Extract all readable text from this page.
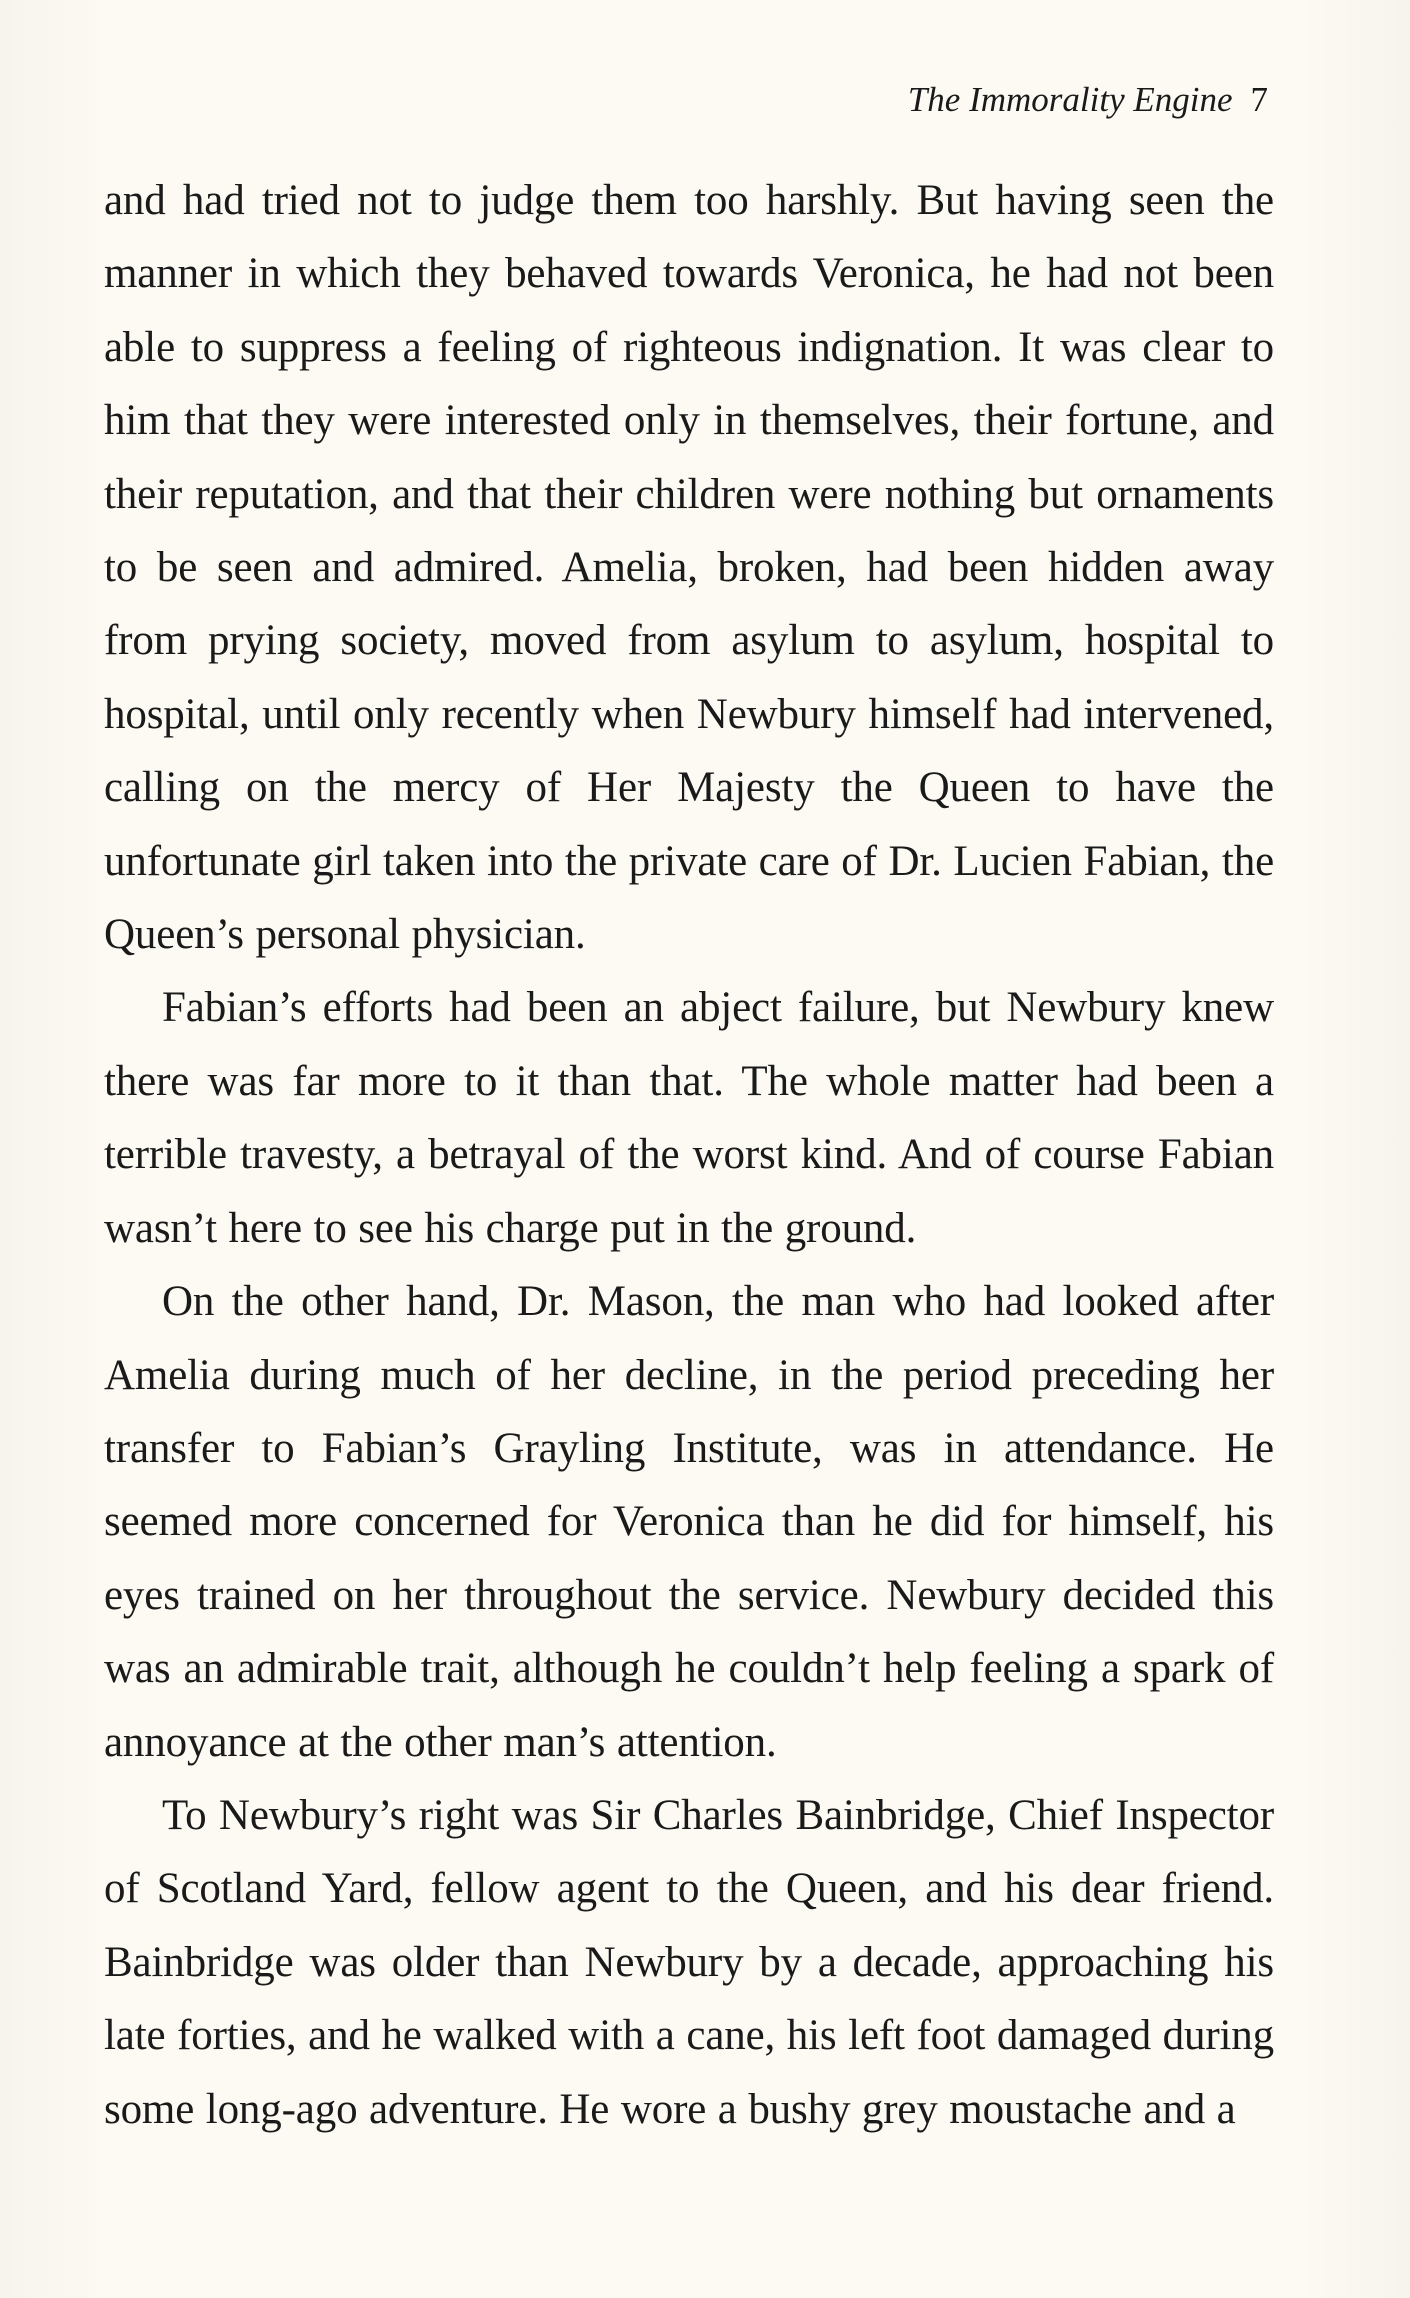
The Immorality Engine 7

and had tried not to judge them too harshly. But having seen the manner in which they behaved towards Veronica, he had not been able to suppress a feeling of righteous indignation. It was clear to him that they were interested only in themselves, their fortune, and their reputation, and that their children were nothing but ornaments to be seen and admired. Amelia, broken, had been hidden away from prying society, moved from asylum to asylum, hospital to hospital, until only recently when Newbury himself had intervened, calling on the mercy of Her Majesty the Queen to have the unfortunate girl taken into the private care of Dr. Lucien Fabian, the Queen’s personal physician.

Fabian’s efforts had been an abject failure, but Newbury knew there was far more to it than that. The whole matter had been a terrible travesty, a betrayal of the worst kind. And of course Fabian wasn’t here to see his charge put in the ground.

On the other hand, Dr. Mason, the man who had looked after Amelia during much of her decline, in the period preceding her transfer to Fabian’s Grayling Institute, was in attendance. He seemed more concerned for Veronica than he did for himself, his eyes trained on her throughout the service. Newbury decided this was an admirable trait, although he couldn’t help feeling a spark of annoyance at the other man’s attention.

To Newbury’s right was Sir Charles Bainbridge, Chief Inspector of Scotland Yard, fellow agent to the Queen, and his dear friend. Bainbridge was older than Newbury by a decade, approaching his late forties, and he walked with a cane, his left foot damaged during some long-ago adventure. He wore a bushy grey moustache and a
